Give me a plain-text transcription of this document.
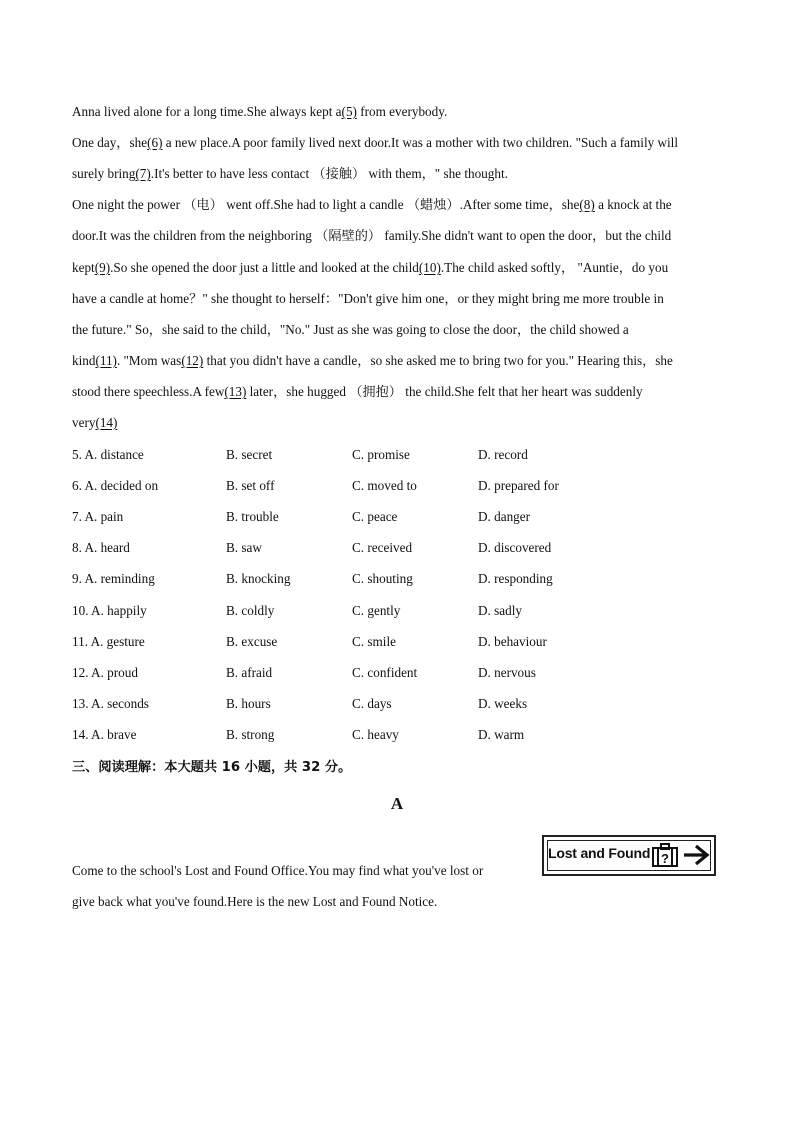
Anna lived alone for a long time.She always kept a(5) from everybody.
One day，she(6) a new place.A poor family lived next door.It was a mother with two children. "Such a family will
surely bring(7).It's better to have less contact （接触） with them，" she thought.
One night the power （电） went off.She had to light a candle （蜡烛）.After some time，she(8) a knock at the
door.It was the children from the neighboring （隔壁的） family.She didn't want to open the door，but the child
kept(9).So she opened the door just a little and looked at the child(10).The child asked softly， "Auntie，do you
have a candle at home？" she thought to herself："Don't give him one，or they might bring me more trouble in
the future." So，she said to the child，"No." Just as she was going to close the door，the child showed a
kind(11). "Mom was(12) that you didn't have a candle，so she asked me to bring two for you." Hearing this，she
stood there speechless.A few(13) later，she hugged （拥抱） the child.She felt that her heart was suddenly
very(14)
5. A. distance	B. secret	C. promise	D. record
6. A. decided on	B. set off	C. moved to	D. prepared for
7. A. pain	B. trouble	C. peace	D. danger
8. A. heard	B. saw	C. received	D. discovered
9. A. reminding	B. knocking	C. shouting	D. responding
10. A. happily	B. coldly	C. gently	D. sadly
11. A. gesture	B. excuse	C. smile	D. behaviour
12. A. proud	B. afraid	C. confident	D. nervous
13. A. seconds	B. hours	C. days	D. weeks
14. A. brave	B. strong	C. heavy	D. warm
三、阅读理解：本大题共 16 小题，共 32 分。
A
Come to the school's Lost and Found Office.You may find what you've lost or
give back what you've found.Here is the new Lost and Found Notice.
Lost and Found ?
